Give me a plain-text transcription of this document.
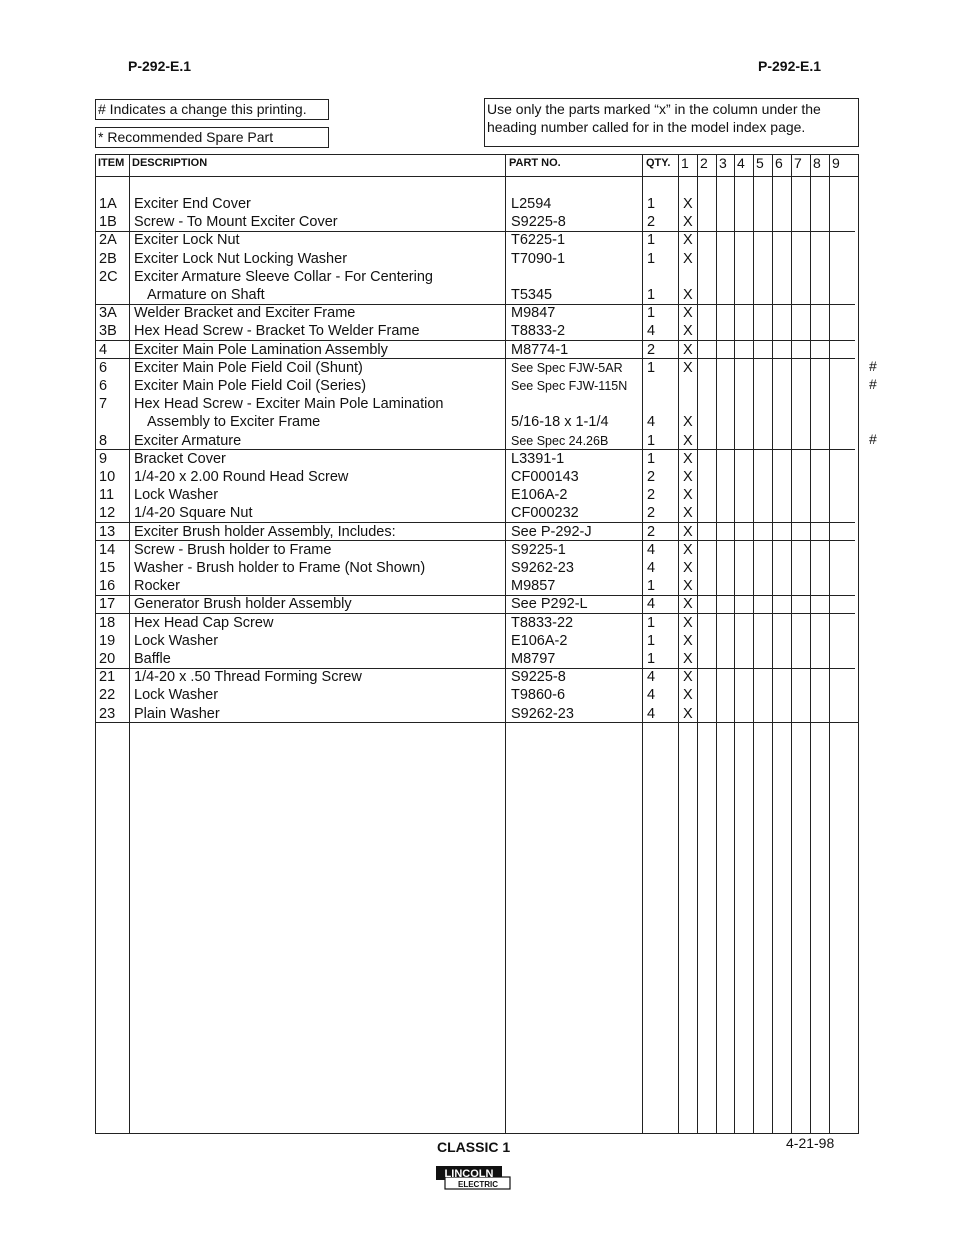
P-292-E.1	P-292-E.1
# Indicates a change this printing.
* Recommended Spare Part
Use only the parts marked “x” in the column under the heading number called for in the model index page.
ITEM DESCRIPTION	PART NO.	QTY. 1 2 3 4 5 6 7 8 9
1A Exciter End Cover	L2594	1 X
1B Screw - To Mount Exciter Cover	S9225-8	2 X
2A Exciter Lock Nut	T6225-1	1 X
2B Exciter Lock Nut Locking Washer	T7090-1	1 X
2C Exciter Armature Sleeve Collar - For Centering
Armature on Shaft	T5345	1 X
3A Welder Bracket and Exciter Frame	M9847	1 X
3B Hex Head Screw - Bracket To Welder Frame	T8833-2	4 X
4 Exciter Main Pole Lamination Assembly	M8774-1	2 X
6 Exciter Main Pole Field Coil (Shunt)	See Spec FJW-5AR 1 X
6 Exciter Main Pole Field Coil (Series)	See Spec FJW-115N
7 Hex Head Screw - Exciter Main Pole Lamination
Assembly to Exciter Frame	5/16-18 x 1-1/4	4 X
8 Exciter Armature	See Spec 24.26B	1 X
9 Bracket Cover	L3391-1	1 X
10 1/4-20 x 2.00 Round Head Screw	CF000143	2 X
11 Lock Washer	E106A-2	2 X
12 1/4-20 Square Nut	CF000232	2 X
13 Exciter Brush holder Assembly, Includes:	See P-292-J	2 X
14 Screw - Brush holder to Frame	S9225-1	4 X
15 Washer - Brush holder to Frame (Not Shown)	S9262-23	4 X
16 Rocker	M9857	1 X
17 Generator Brush holder Assembly	See P292-L	4 X
18 Hex Head Cap Screw	T8833-22	1 X
19 Lock Washer	E106A-2	1 X
20 Baffle	M8797	1 X
21 1/4-20 x .50 Thread Forming Screw	S9225-8	4 X
22 Lock Washer	T9860-6	4 X
23 Plain Washer	S9262-23	4 X
#
#
#
CLASSIC 1	4-21-98
LINCOLN
ELECTRIC
